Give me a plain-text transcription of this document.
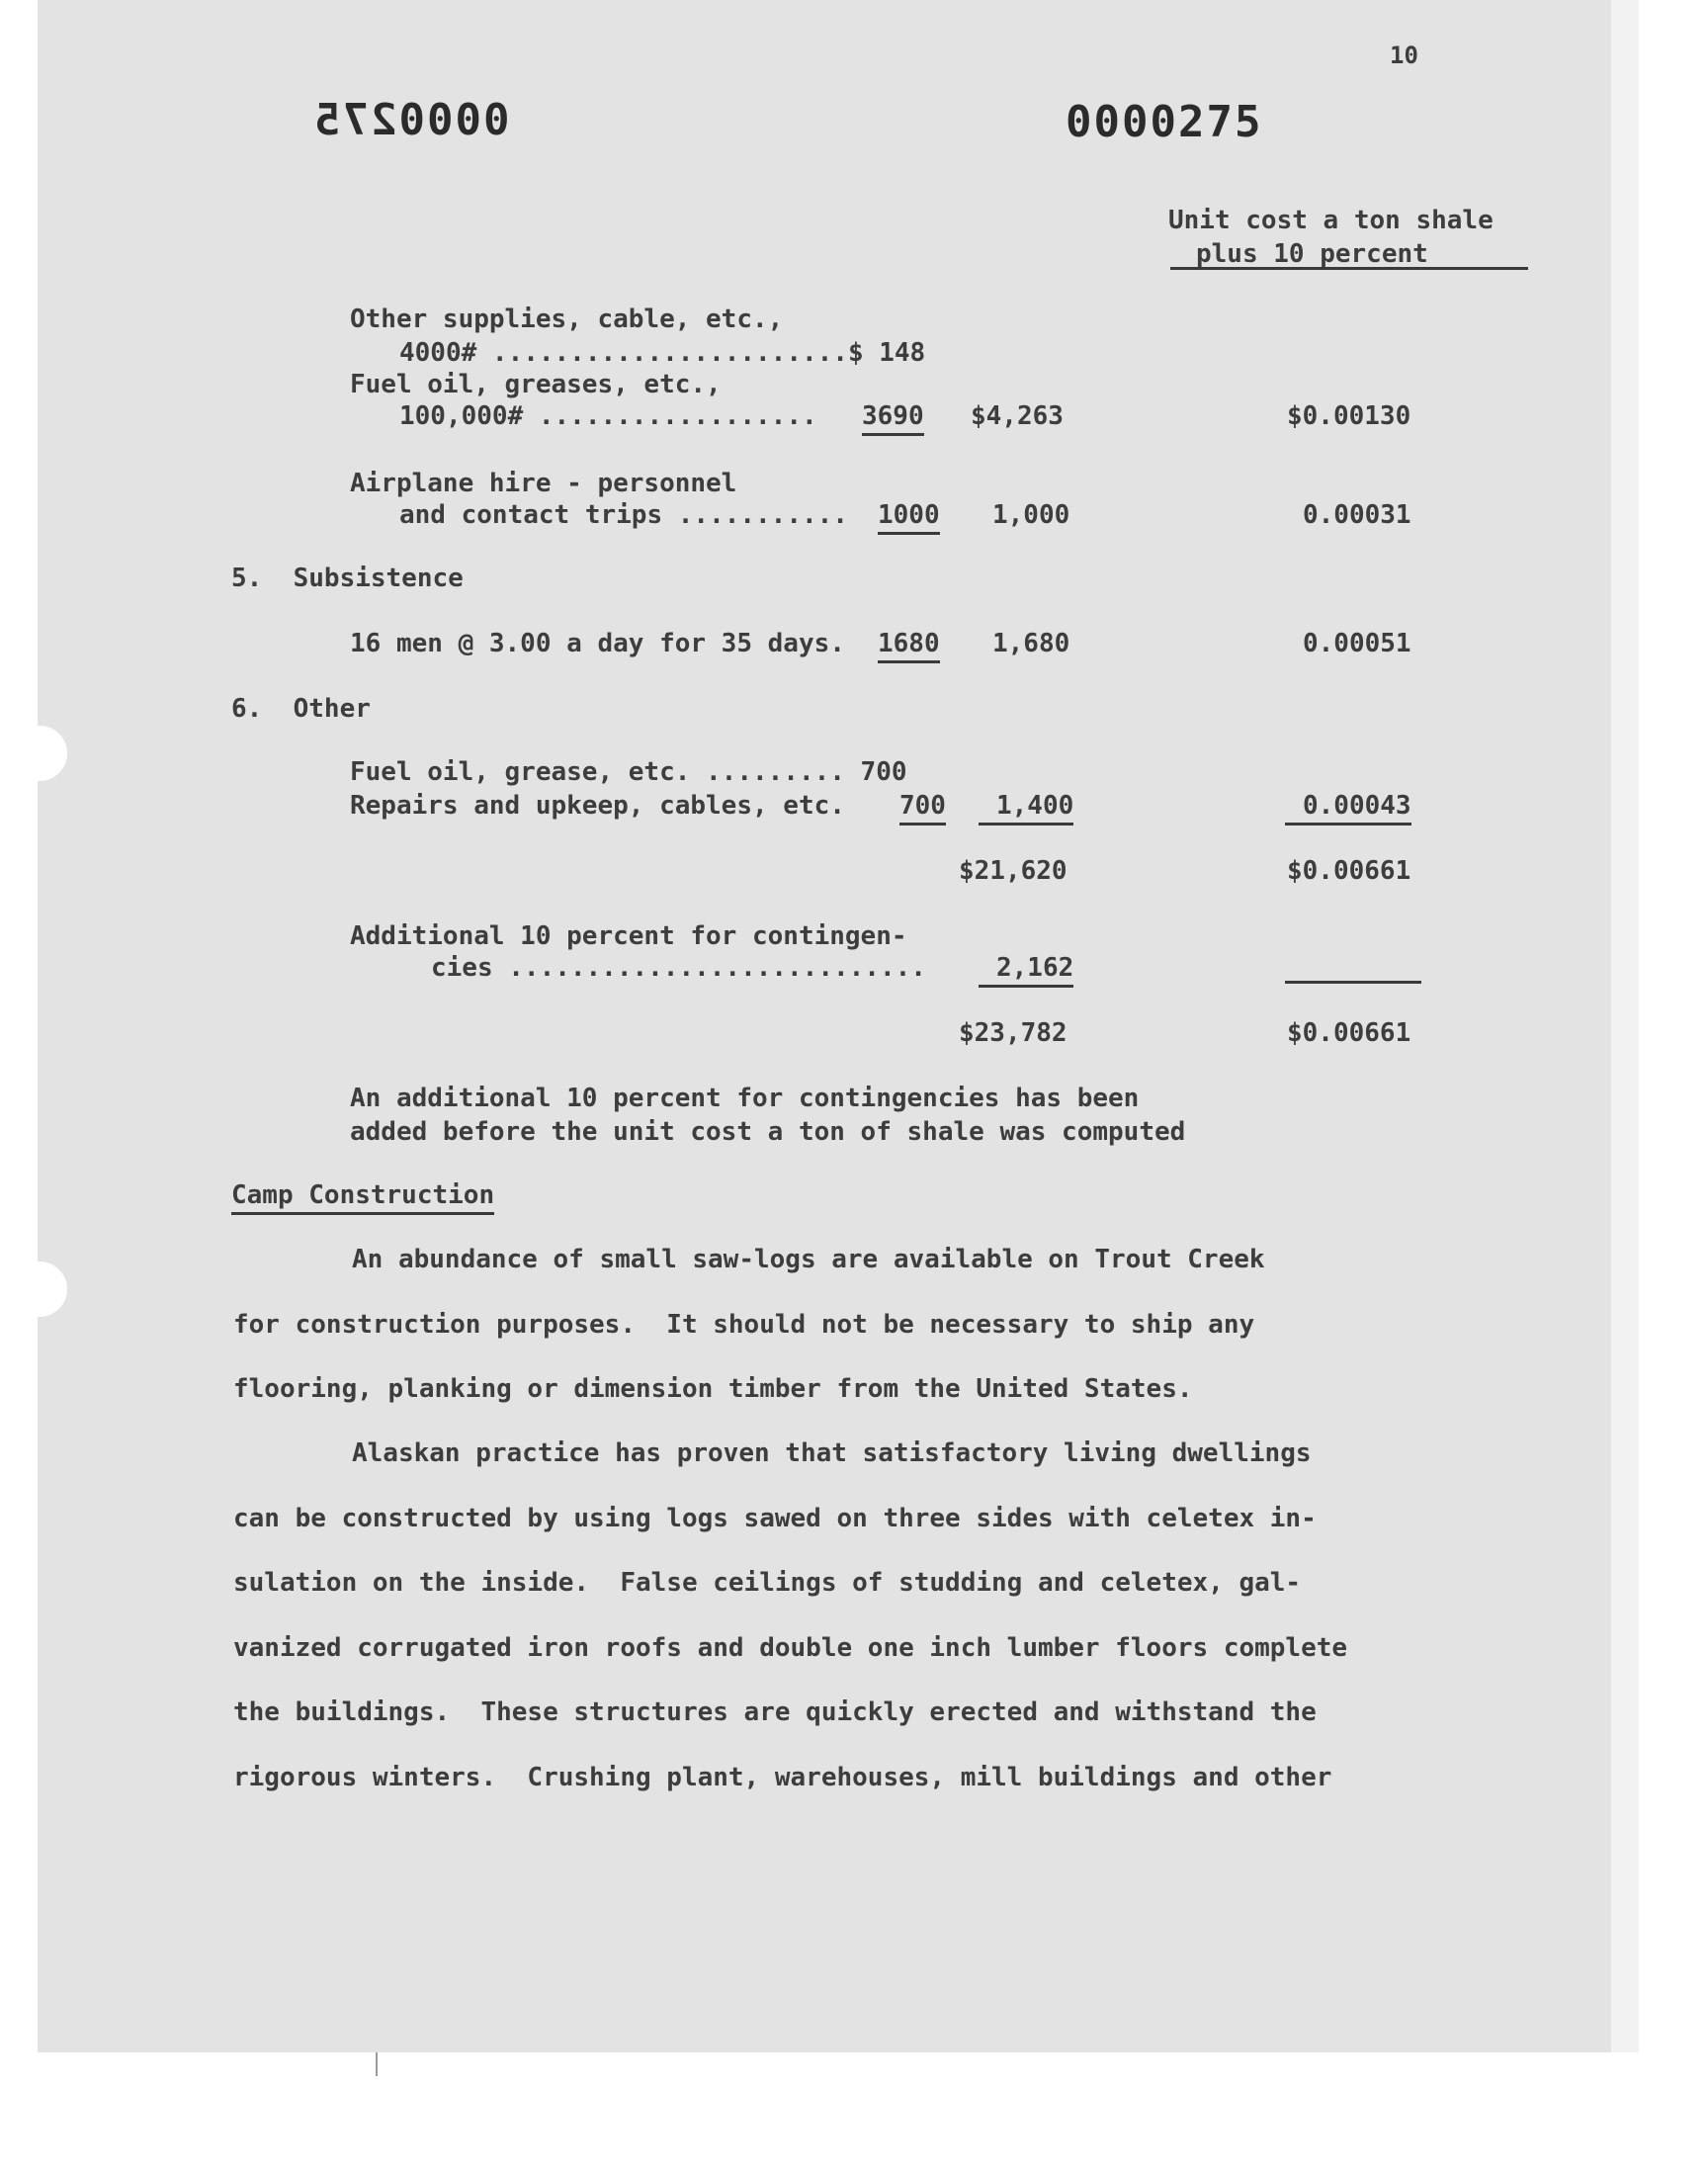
10
0000275	0000275
Unit cost a ton shale
plus 10 percent
Other supplies, cable, etc.,
4000# .......................$ 148
Fuel oil, greases, etc.,
100,000# .................. 3690 $4,263	$0.00130
Airplane hire - personnel
and contact trips ........... 1000 1,000	0.00031
5.  Subsistence
16 men @ 3.00 a day for 35 days. 1680 1,680	0.00051
6.  Other
Fuel oil, grease, etc. ......... 700
Repairs and upkeep, cables, etc. 700	1,400	0.00043
$21,620	$0.00661
Additional 10 percent for contingen-
cies ...........................	2,162
$23,782	$0.00661
An additional 10 percent for contingencies has been
added before the unit cost a ton of shale was computed
Camp Construction
An abundance of small saw-logs are available on Trout Creek
for construction purposes.  It should not be necessary to ship any
flooring, planking or dimension timber from the United States.
Alaskan practice has proven that satisfactory living dwellings
can be constructed by using logs sawed on three sides with celetex in-
sulation on the inside.  False ceilings of studding and celetex, gal-
vanized corrugated iron roofs and double one inch lumber floors complete
the buildings.  These structures are quickly erected and withstand the
rigorous winters.  Crushing plant, warehouses, mill buildings and other
